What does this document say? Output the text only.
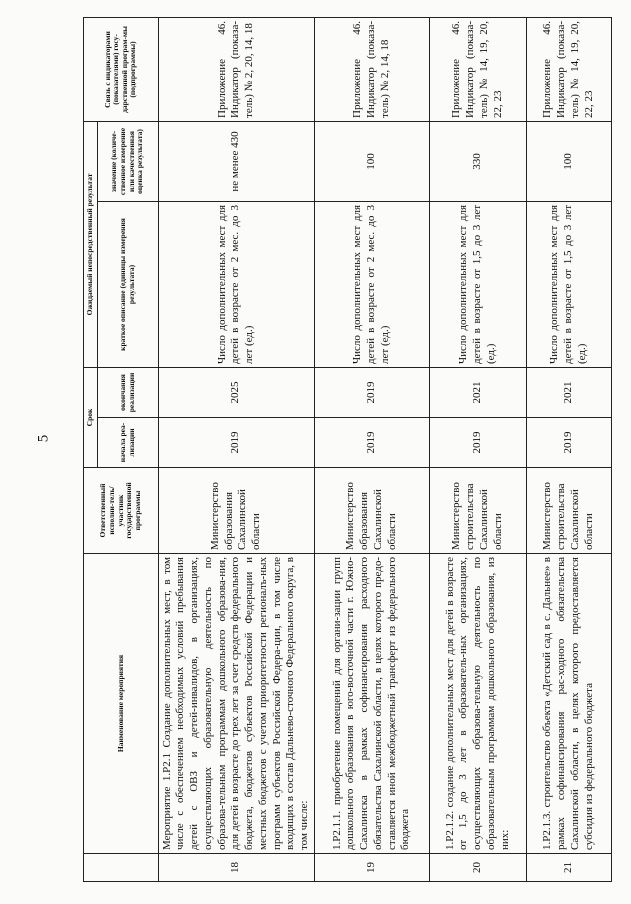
5
	Наименование мероприятия	Ответственный исполни-тель/участник государственной программы	Срок		Ожидаемый непосредственный результат		Связь с индикаторами (показателями) госу-дарственной програм-мы (подпрограммы)
			начала реа-лизации	окончания реализации	краткое описание (единицы измерения результата)	значение (количе-ственное измерение или качественная оценка результата)	
18	Мероприятие 1.Р2.1 Создание дополнительных мест, в том числе с обеспечением необходимых условий пребывания детей с ОВЗ и детей-инвалидов, в организациях, осуществляющих образовательную деятельность по образова-тельным программам дошкольного образова-ния, для детей в возрасте до трех лет за счет средств федерального бюджета, бюджетов субъектов Российской Федерации и местных бюджетов с учетом приоритетности регионалъ-ных программ субъектов Российской Федера-ции, в том числе входящих в состав Дальнево-сточного Федерального округа, в том числе:	Министерство образования Сахалинской области	2019	2025	Число дополнительных мест для детей в возрасте от 2 мес. до 3 лет (ед.)	не менее 430	Приложение 46. Индикатор (показа-тель) № 2, 20, 14, 18
19	1.Р2.1.1. приобретение помещений для органи-зации групп дошкольного образования в юго-восточной части г. Южно-Сахалинска в рамках софинансирования расходного обязательства Сахалинской области, в целях которого предо-ставляется иной межбюджетный трансферт из федерального бюджета	Министерство образования Сахалинской области	2019	2019	Число дополнительных мест для детей в возрасте от 2 мес. до 3 лет (ед.)	100	Приложение 46. Индикатор (показа-тель) № 2, 14, 18
20	1.Р2.1.2. создание дополнительных мест для детей в возрасте от 1,5 до 3 лет в образователь-ных организациях, осуществляющих образова-тельную деятельность по образовательным программам дошкольного образования, из них:	Министерство строительства Сахалинской области	2019	2021	Число дополнительных мест для детей в возрасте от 1,5 до 3 лет (ед.)	330	Приложение 46. Индикатор (показа-тель) № 14, 19, 20, 22, 23
21	1.Р2.1.3. строительство объекта «Детский сад в с. Дальнее» в рамках софинансирования рас-ходного обязательства Сахалинской области, в целях которого предоставляется субсидия из федерального бюджета	Министерство строительства Сахалинской области	2019	2021	Число дополнительных мест для детей в возрасте от 1,5 до 3 лет (ед.)	100	Приложение 46. Индикатор (показа-тель) № 14, 19, 20, 22, 23
